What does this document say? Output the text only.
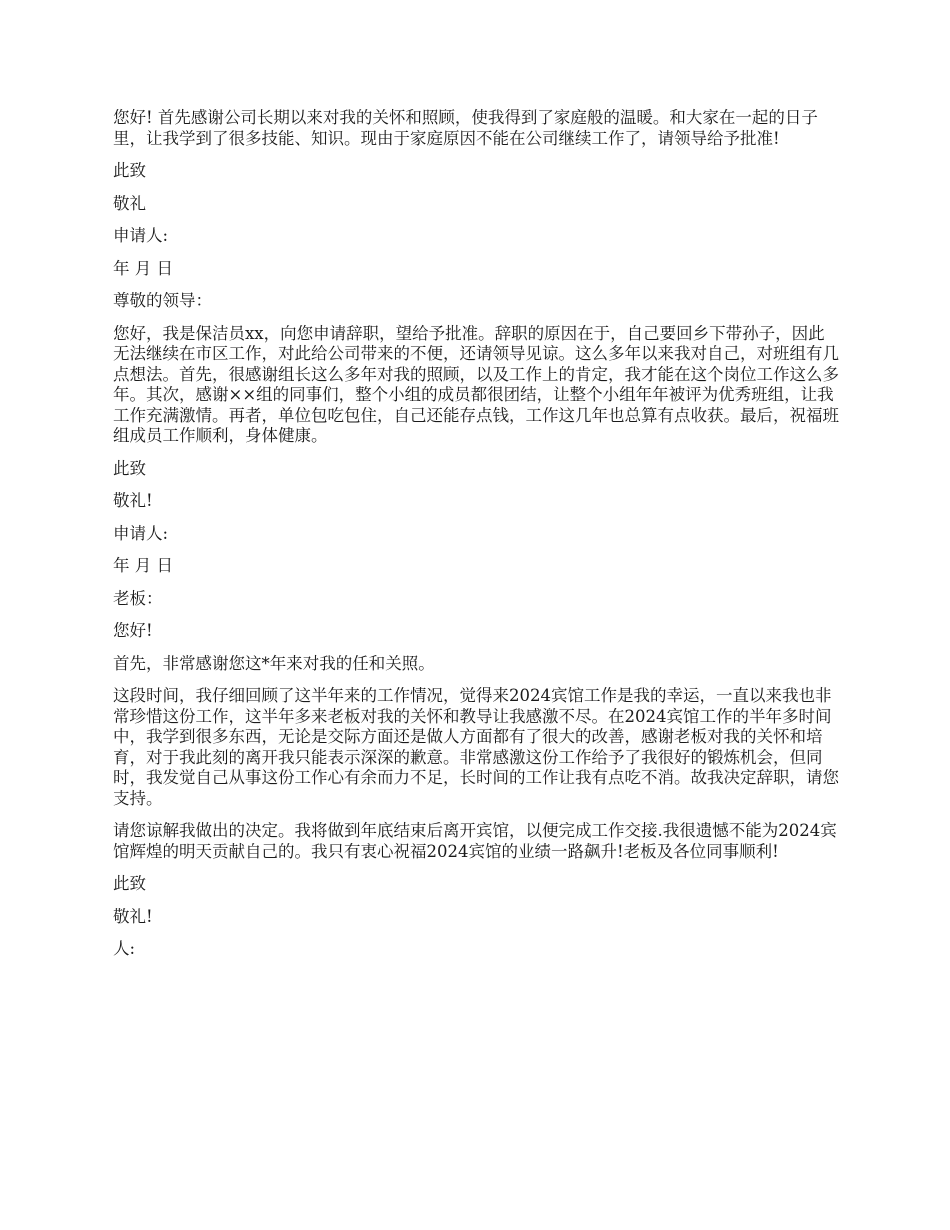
您好! 首先感谢公司长期以来对我的关怀和照顾，使我得到了家庭般的温暖。和大家在一起的日子里，让我学到了很多技能、知识。现由于家庭原因不能在公司继续工作了，请领导给予批准!

此致

敬礼

申请人:

年 月 日

尊敬的领导：

您好，我是保洁员xx，向您申请辞职，望给予批准。辞职的原因在于，自己要回乡下带孙子，因此无法继续在市区工作，对此给公司带来的不便，还请领导见谅。这么多年以来我对自己，对班组有几点想法。首先，很感谢组长这么多年对我的照顾，以及工作上的肯定，我才能在这个岗位工作这么多年。其次，感谢××组的同事们，整个小组的成员都很团结，让整个小组年年被评为优秀班组，让我工作充满激情。再者，单位包吃包住，自己还能存点钱，工作这几年也总算有点收获。最后，祝福班组成员工作顺利，身体健康。

此致

敬礼!

申请人:

年 月 日

老板：

您好!

首先，非常感谢您这*年来对我的任和关照。

这段时间，我仔细回顾了这半年来的工作情况，觉得来2024宾馆工作是我的幸运，一直以来我也非常珍惜这份工作，这半年多来老板对我的关怀和教导让我感激不尽。在2024宾馆工作的半年多时间中，我学到很多东西，无论是交际方面还是做人方面都有了很大的改善，感谢老板对我的关怀和培育，对于我此刻的离开我只能表示深深的歉意。非常感激这份工作给予了我很好的锻炼机会，但同时，我发觉自己从事这份工作心有余而力不足，长时间的工作让我有点吃不消。故我决定辞职，请您支持。

请您谅解我做出的决定。我将做到年底结束后离开宾馆，以便完成工作交接.我很遗憾不能为2024宾馆辉煌的明天贡献自己的。我只有衷心祝福2024宾馆的业绩一路飙升!老板及各位同事顺利!

此致

敬礼!

人:
